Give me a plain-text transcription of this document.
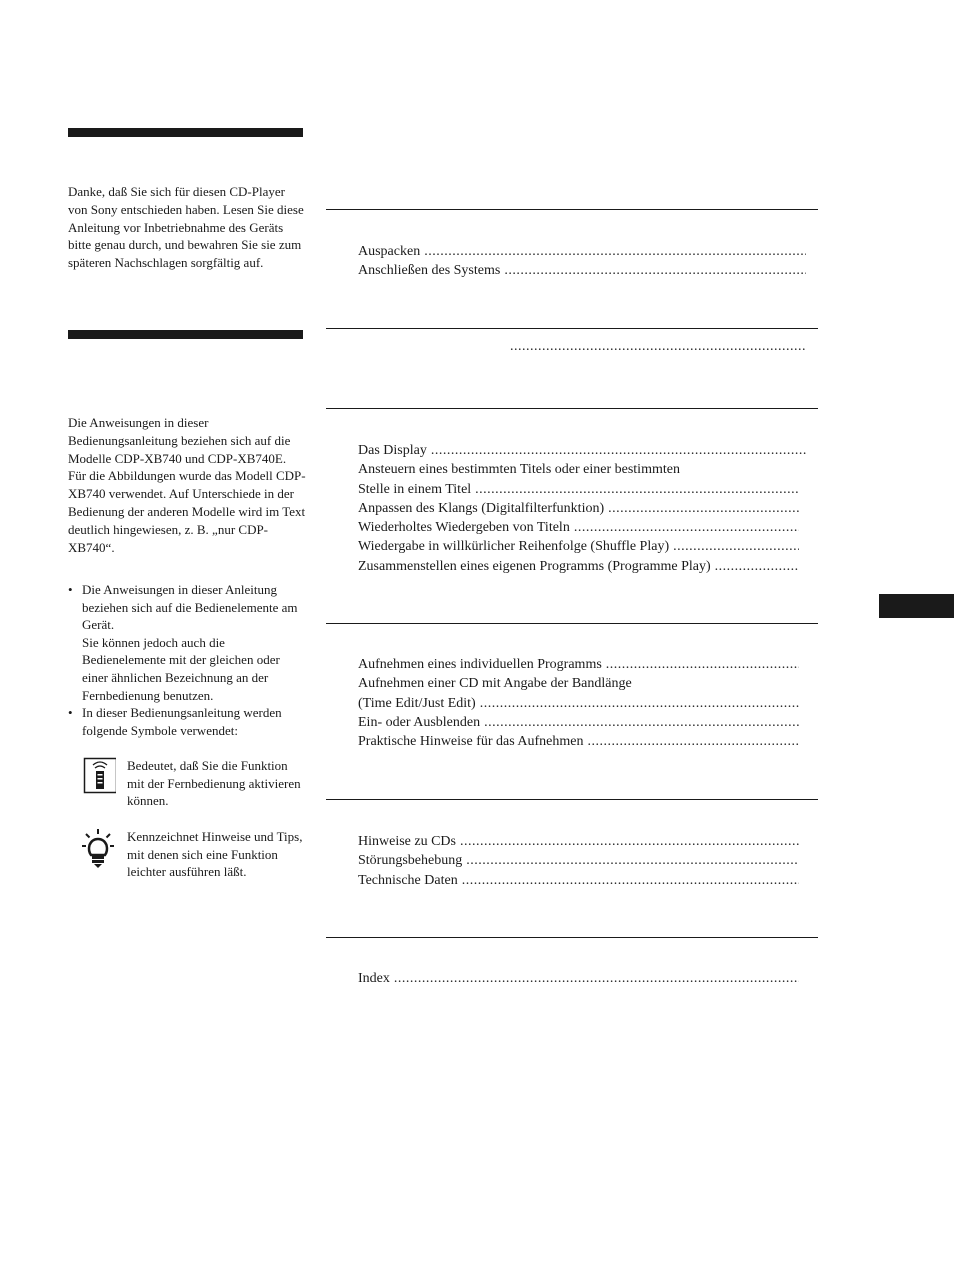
Danke, daß Sie sich für diesen CD-Player von Sony entschieden haben. Lesen Sie diese Anleitung vor Inbetriebnahme des Geräts bitte genau durch, und bewahren Sie sie zum späteren Nachschlagen sorgfältig auf.

Die Anweisungen in dieser Bedienungsanleitung beziehen sich auf die Modelle CDP-XB740 und CDP-XB740E. Für die Abbildungen wurde das Modell CDP-XB740 verwendet. Auf Unterschiede in der Bedienung der anderen Modelle wird im Text deutlich hingewiesen, z. B. „nur CDP-XB740“.

• Die Anweisungen in dieser Anleitung beziehen sich auf die Bedienelemente am Gerät.
Sie können jedoch auch die Bedienelemente mit der gleichen oder einer ähnlichen Bezeichnung an der Fernbedienung benutzen.
• In dieser Bedienungsanleitung werden folgende Symbole verwendet:
Bedeutet, daß Sie die Funktion mit der Fernbedienung aktivieren können.
Kennzeichnet Hinweise und Tips, mit denen sich eine Funktion leichter ausführen läßt.
Auspacken
.....
Anschließen des Systems
.....
.....
Das Display
.....
Ansteuern eines bestimmten Titels oder einer bestimmten
Stelle in einem Titel
.....
Anpassen des Klangs (Digitalfilterfunktion)
.....
Wiederholtes Wiedergeben von Titeln
.....
Wiedergabe in willkürlicher Reihenfolge (Shuffle Play)
.....
Zusammenstellen eines eigenen Programms (Programme Play)
.....
Aufnehmen eines individuellen Programms
.....
Aufnehmen einer CD mit Angabe der Bandlänge
(Time Edit/Just Edit)
.....
Ein- oder Ausblenden
.....
Praktische Hinweise für das Aufnehmen
.....
Hinweise zu CDs
.....
Störungsbehebung
.....
Technische Daten
.....
Index
.....
